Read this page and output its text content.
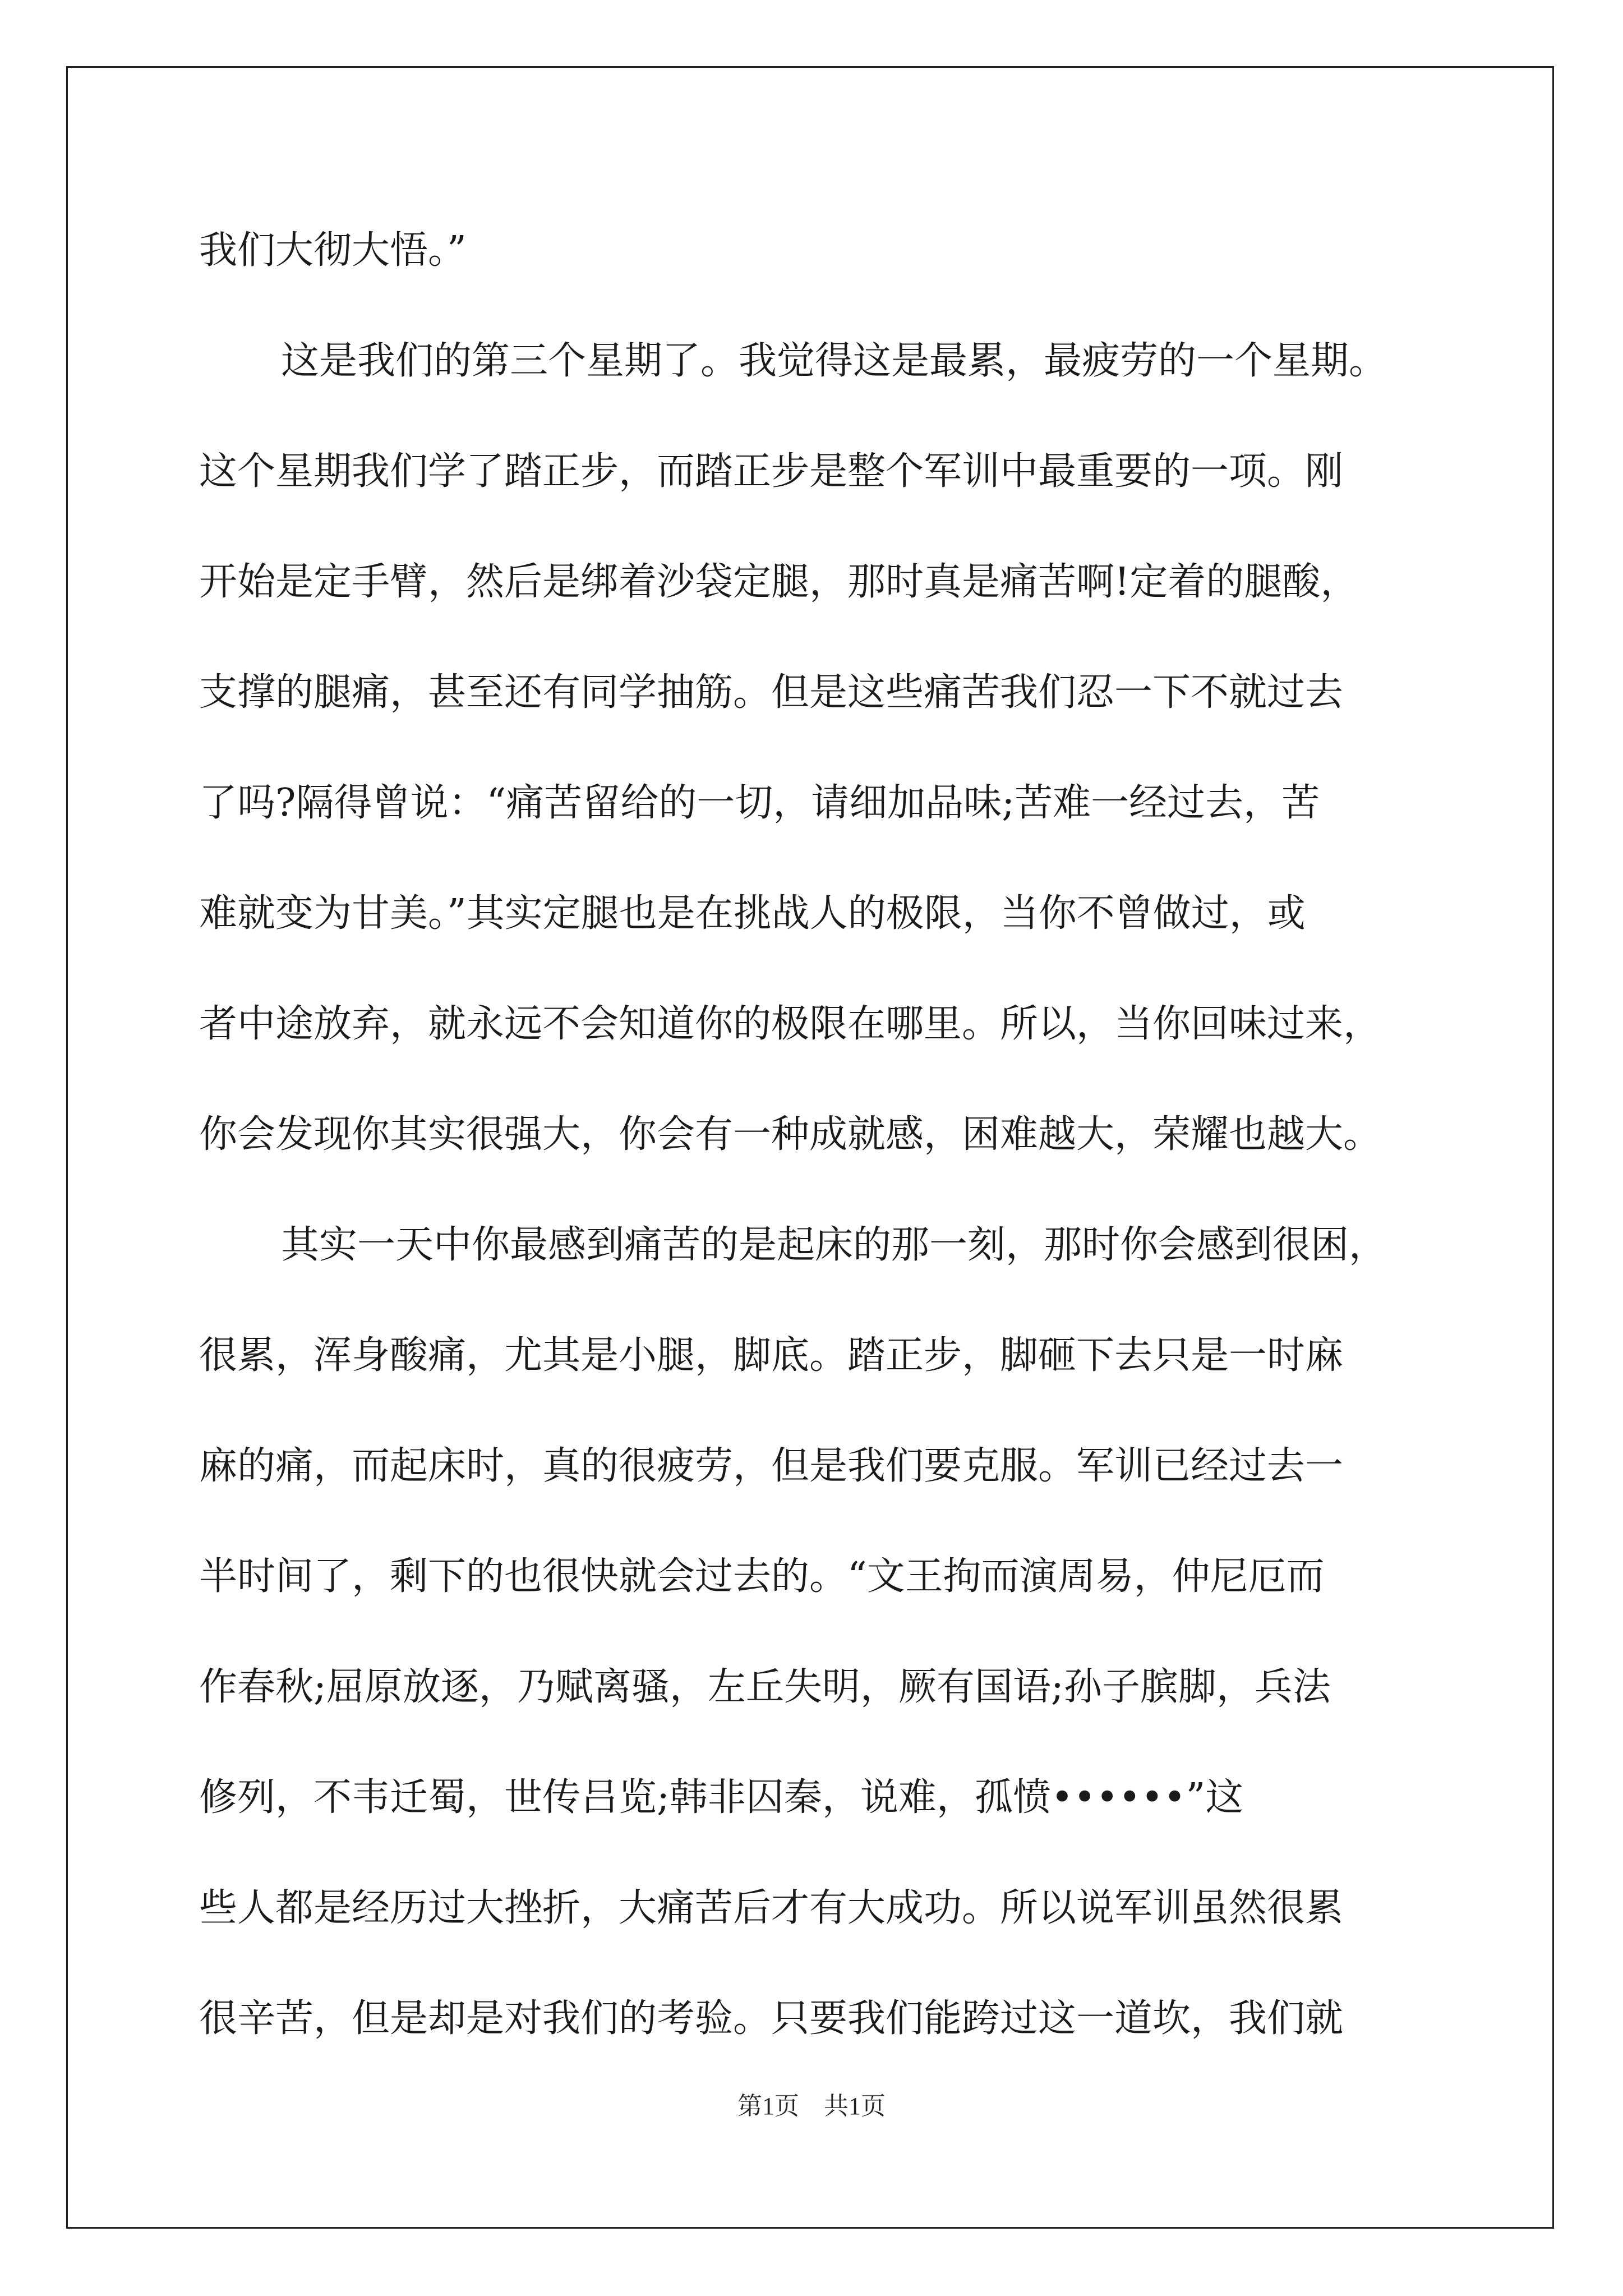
我们大彻大悟。”
这是我们的第三个星期了。我觉得这是最累，最疲劳的一个星期。
这个星期我们学了踏正步，而踏正步是整个军训中最重要的一项。刚
开始是定手臂，然后是绑着沙袋定腿，那时真是痛苦啊!定着的腿酸，
支撑的腿痛，甚至还有同学抽筋。但是这些痛苦我们忍一下不就过去
了吗?隔得曾说：“痛苦留给的一切，请细加品味;苦难一经过去，苦
难就变为甘美。”其实定腿也是在挑战人的极限，当你不曾做过，或
者中途放弃，就永远不会知道你的极限在哪里。所以，当你回味过来，
你会发现你其实很强大，你会有一种成就感，困难越大，荣耀也越大。
其实一天中你最感到痛苦的是起床的那一刻，那时你会感到很困，
很累，浑身酸痛，尤其是小腿，脚底。踏正步，脚砸下去只是一时麻
麻的痛，而起床时，真的很疲劳，但是我们要克服。军训已经过去一
半时间了，剩下的也很快就会过去的。“文王拘而演周易，仲尼厄而
作春秋;屈原放逐，乃赋离骚，左丘失明，厥有国语;孙子膑脚，兵法
修列，不韦迁蜀，世传吕览;韩非囚秦，说难，孤愤••••••”这
些人都是经历过大挫折，大痛苦后才有大成功。所以说军训虽然很累
很辛苦，但是却是对我们的考验。只要我们能跨过这一道坎，我们就
第1页　共1页
